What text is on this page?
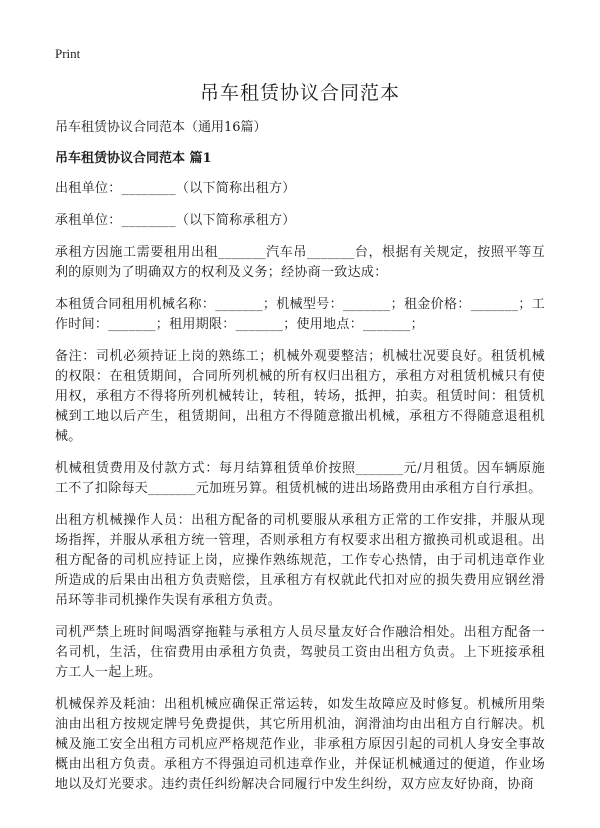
Print
吊车租赁协议合同范本

吊车租赁协议合同范本（通用16篇）

吊车租赁协议合同范本 篇1

出租单位：________（以下简称出租方）

承租单位：________（以下简称承租方）

承租方因施工需要租用出租_______汽车吊_______台，根据有关规定，按照平等互利的原则为了明确双方的权利及义务；经协商一致达成：

本租赁合同租用机械名称：_______；机械型号：_______；租金价格：_______；工作时间：_______；租用期限：_______；使用地点：_______；

备注：司机必须持证上岗的熟练工；机械外观要整洁；机械壮况要良好。租赁机械的权限：在租赁期间，合同所列机械的所有权归出租方，承租方对租赁机械只有使用权，承租方不得将所列机械转让，转租，转场，抵押，拍卖。租赁时间：租赁机械到工地以后产生，租赁期间，出租方不得随意撤出机械，承租方不得随意退租机械。

机械租赁费用及付款方式：每月结算租赁单价按照_______元/月租赁。因车辆原施工不了扣除每天_______元加班另算。租赁机械的进出场路费用由承租方自行承担。

出租方机械操作人员：出租方配备的司机要服从承租方正常的工作安排，并服从现场指挥，并服从承租方统一管理，否则承租方有权要求出租方撤换司机或退租。出租方配备的司机应持证上岗，应操作熟练规范，工作专心热情，由于司机违章作业所造成的后果由出租方负责赔偿，且承租方有权就此代扣对应的损失费用应钢丝滑吊环等非司机操作失误有承租方负责。

司机严禁上班时间喝酒穿拖鞋与承租方人员尽量友好合作融洽相处。出租方配备一名司机，生活，住宿费用由承租方负责，驾驶员工资由出租方负责。上下班接承租方工人一起上班。

机械保养及耗油：出租机械应确保正常运转，如发生故障应及时修复。机械所用柴油由出租方按规定牌号免费提供，其它所用机油，润滑油均由出租方自行解决。机械及施工安全出租方司机应严格规范作业，非承租方原因引起的司机人身安全事故概由出租方负责。承租方不得强迫司机违章作业，并保证机械通过的便道，作业场地以及灯光要求。违约责任纠纷解决合同履行中发生纠纷，双方应友好协商，协商
